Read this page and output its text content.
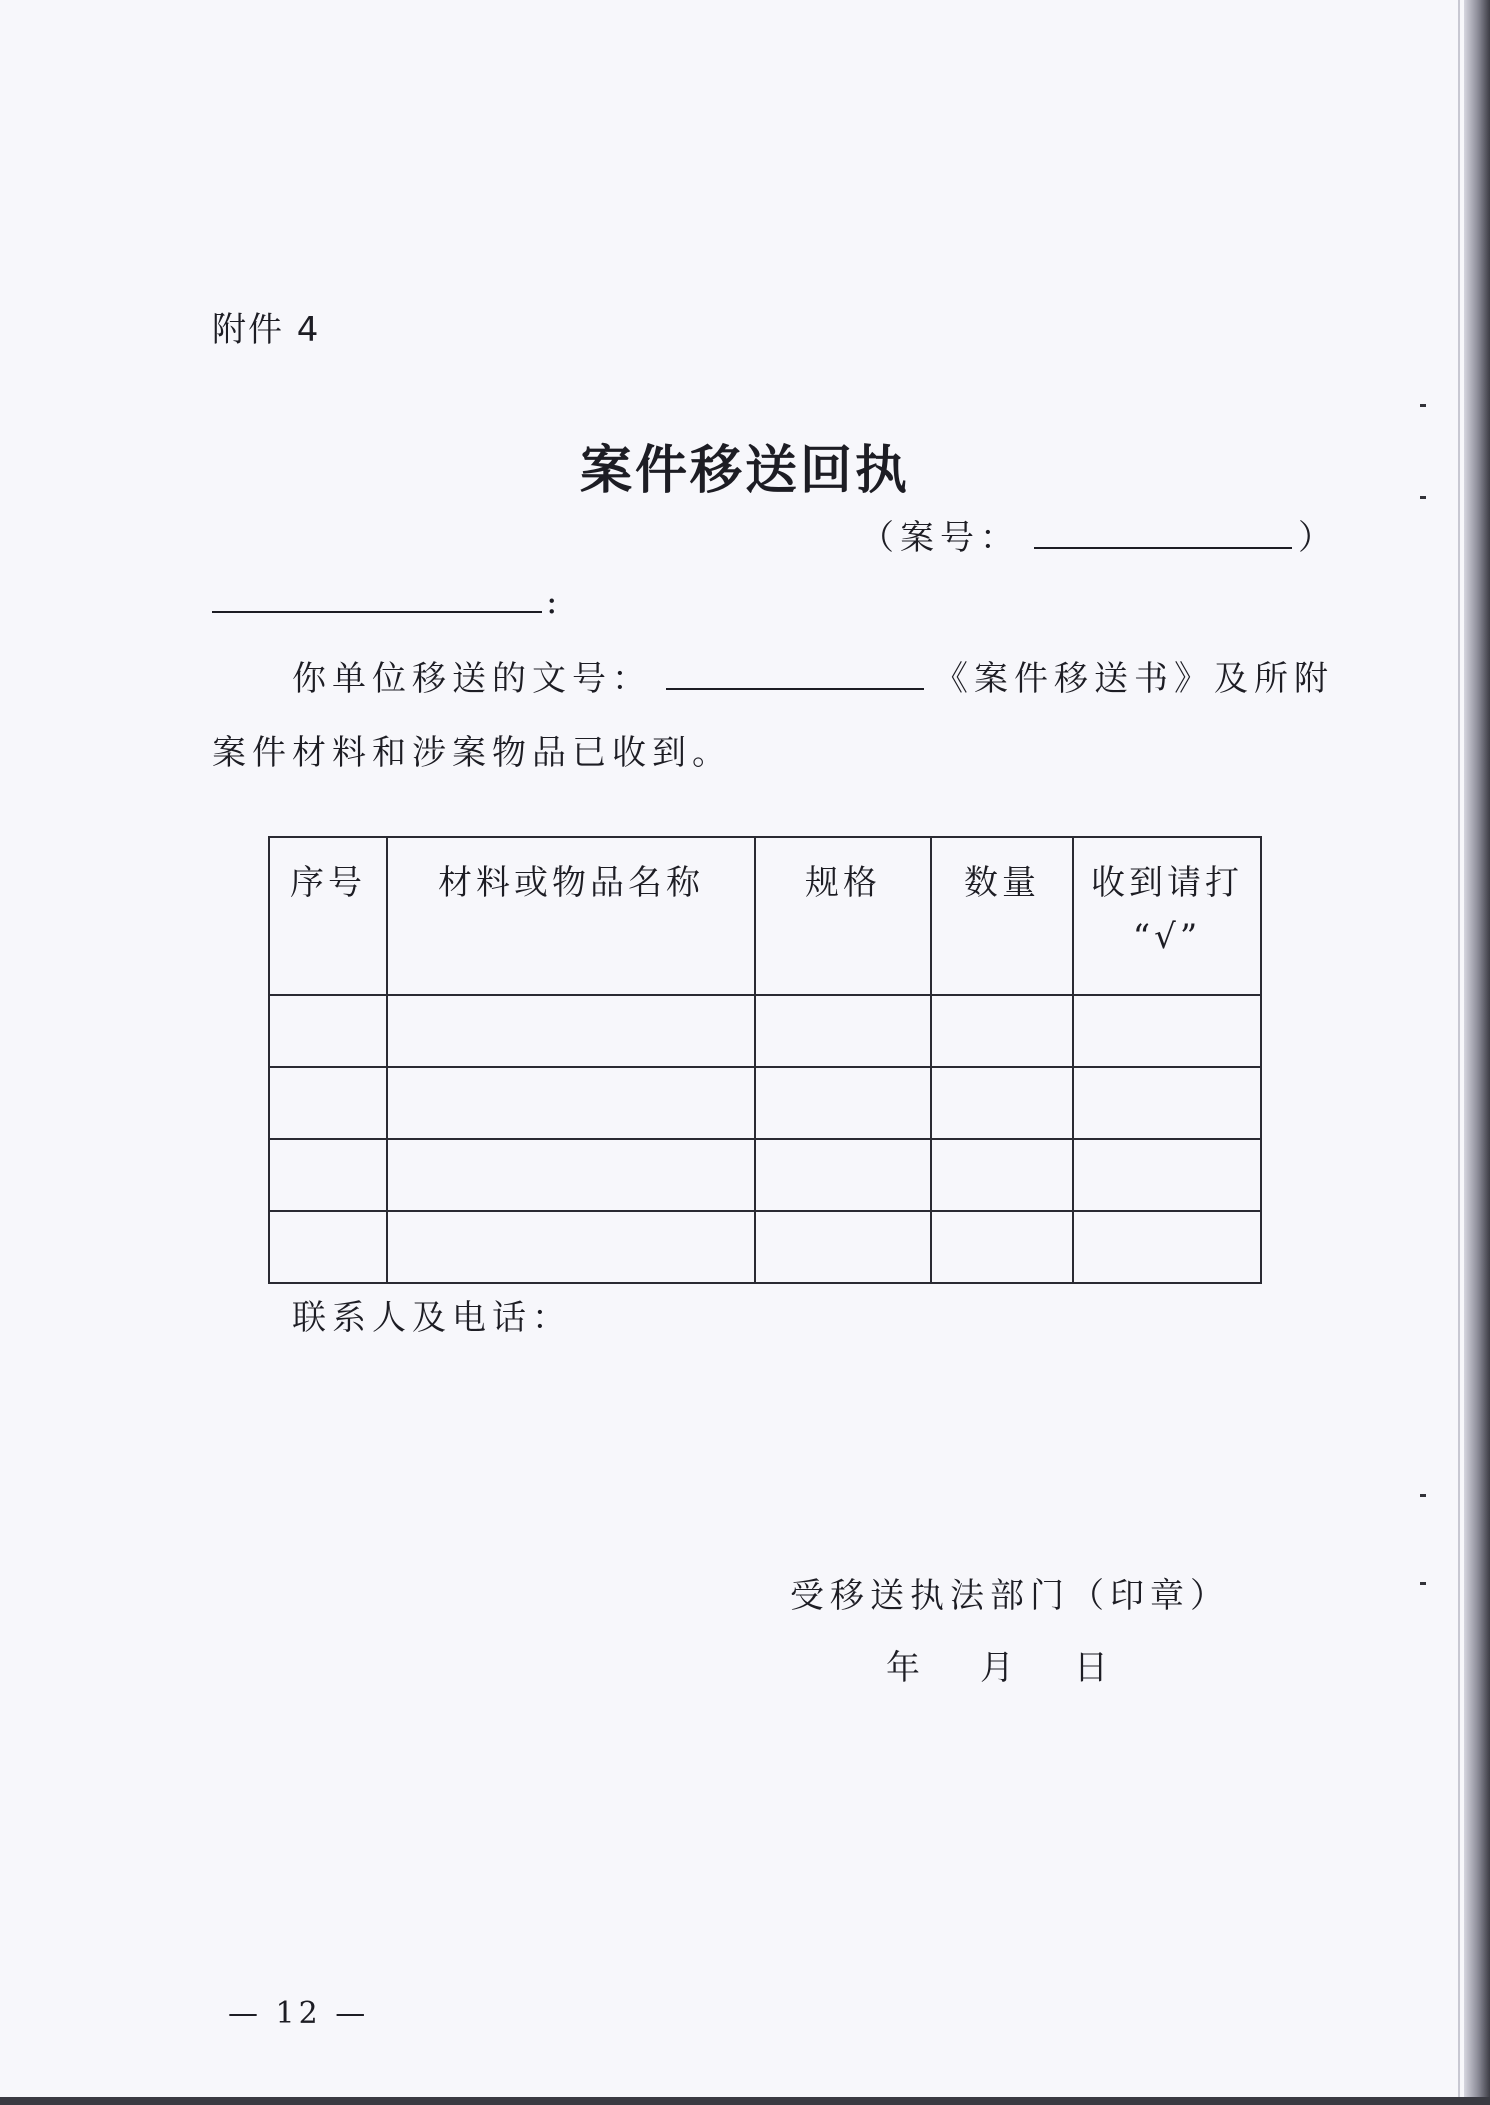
附件 4
案件移送回执
（案号：	）
:
你单位移送的文号：	《案件移送书》及所附
案件材料和涉案物品已收到。
序号	材料或物品名称	规格	数量	收到请打 “√”

联系人及电话：
受移送执法部门（印章）
年 月 日
— 12 —
